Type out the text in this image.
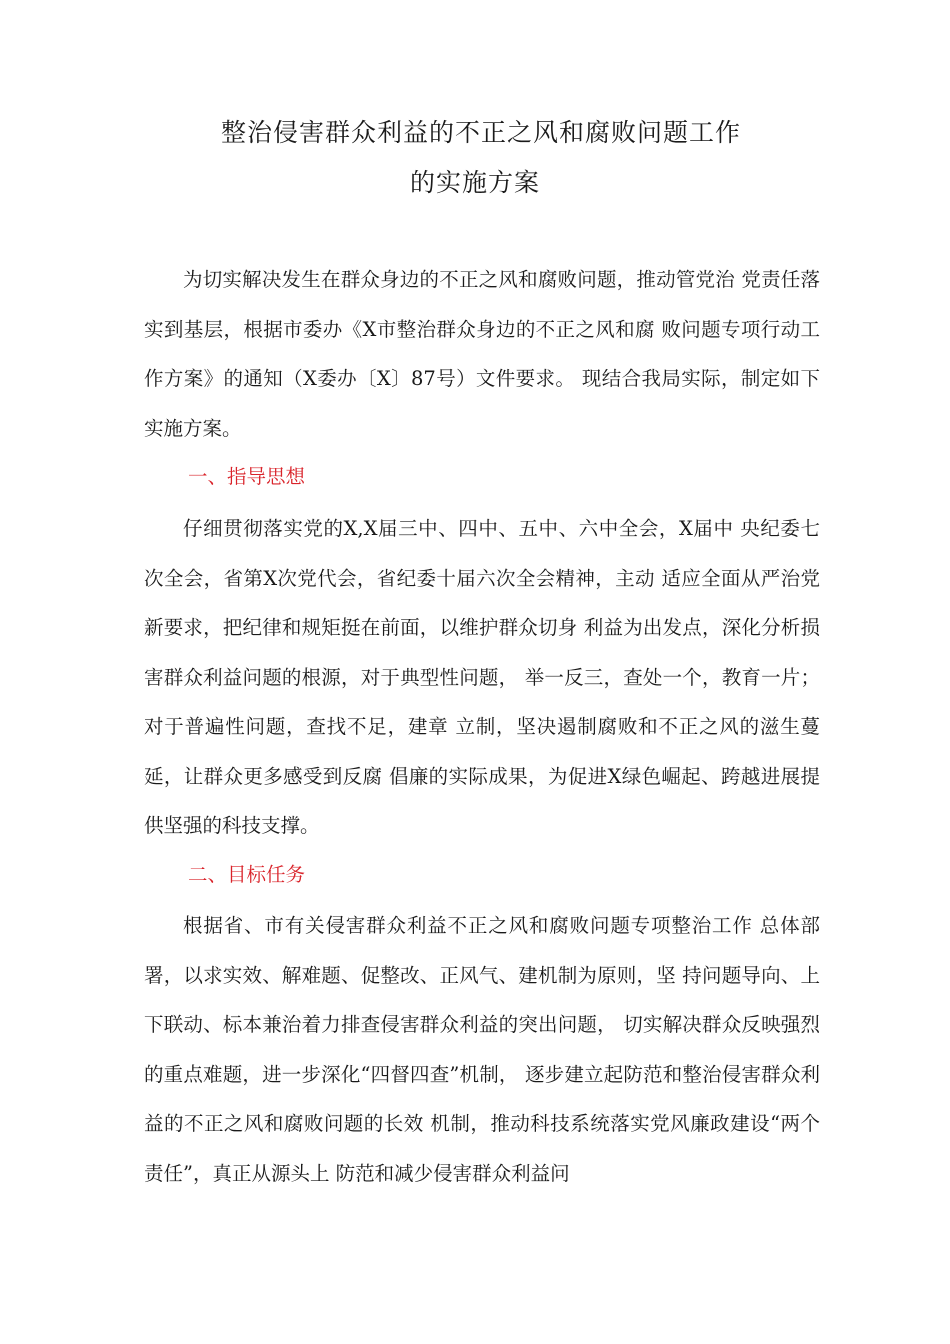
整治侵害群众利益的不正之风和腐败问题工作
的实施方案

为切实解决发生在群众身边的不正之风和腐败问题，推动管党治 党责任落实到基层，根据市委办《X市整治群众身边的不正之风和腐 败问题专项行动工作方案》的通知（X委办〔X〕87号）文件要求。 现结合我局实际，制定如下实施方案。

一、指导思想

仔细贯彻落实党的X,X届三中、四中、五中、六中全会，X届中 央纪委七次全会，省第X次党代会，省纪委十届六次全会精神，主动 适应全面从严治党新要求，把纪律和规矩挺在前面，以维护群众切身 利益为出发点，深化分析损害群众利益问题的根源，对于典型性问题， 举一反三，查处一个，教育一片；对于普遍性问题，查找不足，建章 立制，坚决遏制腐败和不正之风的滋生蔓延，让群众更多感受到反腐 倡廉的实际成果，为促进X绿色崛起、跨越进展提供坚强的科技支撑。

二、目标任务

根据省、市有关侵害群众利益不正之风和腐败问题专项整治工作 总体部署，以求实效、解难题、促整改、正风气、建机制为原则，坚 持问题导向、上下联动、标本兼治着力排查侵害群众利益的突出问题， 切实解决群众反映强烈的重点难题，进一步深化“四督四查”机制， 逐步建立起防范和整治侵害群众利益的不正之风和腐败问题的长效 机制，推动科技系统落实党风廉政建设“两个责任”，真正从源头上 防范和减少侵害群众利益问
